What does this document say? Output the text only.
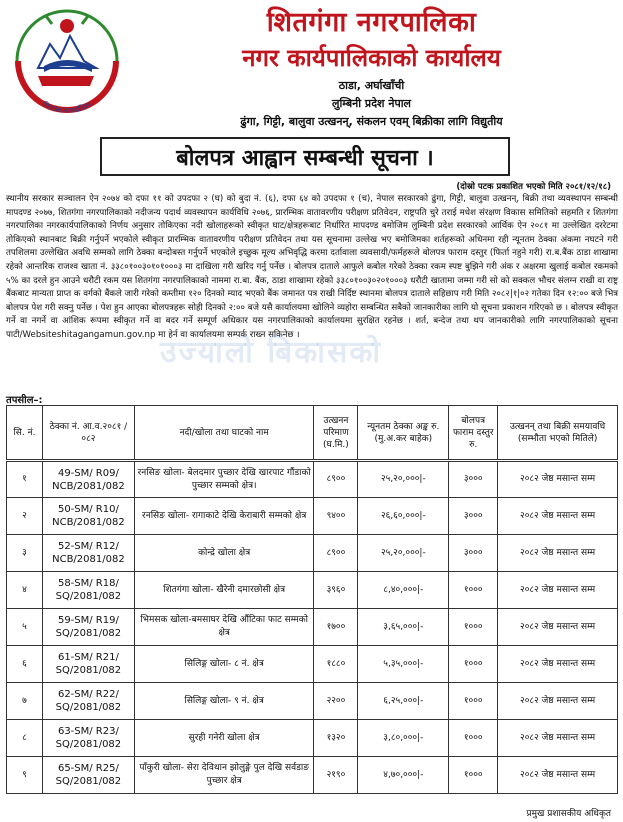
शितगंगा नगरपालिका
शितगंगा नगरपालिका
नगर कार्यपालिकाको कार्यालय
ठाडा, अर्घाखाँची
लुम्बिनी प्रदेश नेपाल
ढुंगा, गिट्टी, बालुवा उत्खनन्, संकलन एवम् बिक्रीका लागि विद्युतीय
बोलपत्र आह्वान सम्बन्धी सूचना ।
(दोस्रो पटक प्रकाशित भएको मिति २०८१/१२/१८)
स्थानीय सरकार सञ्चालन ऐन २०७४ को दफा ११ को उपदफा २ (घ) को बुदा नं. (६), दफा ६४ को उपदफा १ (च), नेपाल सरकारको ढुंगा, गिट्टी, बालुवा उत्खनन्, बिक्री तथा व्यवस्थापन सम्बन्धी मापदण्ड २०७७, शितगंगा नगरपालिकाको नदीजन्य पदार्थ व्यवस्थापन कार्यविधि २०७६, प्रारम्भिक वातावरणीय परीक्षण प्रतिवेदन, राष्ट्रपति चुरे तराई मधेश संरक्षण विकास समितिको सहमति र शितगंगा नगरपालिका नगरकार्यपालिकाको निर्णय अनुसार तोकिएका नदी खोलाहरूको स्वीकृत घाट/क्षेत्रहरूबाट निर्धारित मापदण्ड बमोजिम लुम्बिनी प्रदेश सरकारको आर्थिक ऐन २०८१ मा उल्लेखित दररेटमा तोकिएको स्थानबाट बिक्री गर्नुपर्ने भएकोले स्वीकृत प्रारम्भिक वातावरणीय परीक्षण प्रतिवेदन तथा यस सूचनामा उल्लेख भए बमोजिमका शर्तहरूको अधिनमा रही न्यूनतम ठेक्का अंकमा नघटने गरी तपशिलमा उल्लेखित अवधि सम्मको लागि ठेक्का बन्दोबस्त गर्नुपर्ने भएकोले इच्छुक मूल्य अभिवृद्धि करमा दर्तावाला व्यवसायी/फर्महरूले बोलपत्र फाराम दस्तुर (फिर्ता नहुने गरी) रा.ब.बैंक ठाडा शाखामा रहेको आन्तरिक राजश्व खाता नं. ३३८०१००३०१०१०००३ मा दाखिला गरी खरिद गर्नु पर्नेछ । बोलपत्र दाताले आफुले कबोल गरेको ठेक्का रकम स्पष्ट बुझिने गरी अंक र अक्षरमा खुलाई कबोल रकमको ५% का दरले हुन आउने धरौटी रकम यस शितगंगा नगरपालिकाको नाममा रा.बा. बैंक, ठाडा शाखामा रहेको ३३८०१००३०२०१०००३ धरौटी खातामा जम्मा गरी सो को सक्कल भौचर संलग्न राखी वा राष्ट्र बैंकबाट मान्यता प्राप्त क वर्गको बैंकले जारी गरेको कम्तीमा १२० दिनको म्याद भएको बैंक जमानत पत्र राखी निर्दिष्ट स्थानमा बोलपत्र दाताले सहिछाप गरी मिति २०८२|१|०२ गतेका दिन १२:०० बजे भित्र बोलपत्र पेश गरी सक्नु पर्नेछ । पेश हुन आएका बोलपत्रहरू सोही दिनको २:०० बजे यसै कार्यालयमा खोलिने व्यहोरा सम्बन्धित सबैको जानकारीका लागि यो सूचना प्रकाशन गरिएको छ । बोलपत्र स्वीकृत गर्ने वा नगर्ने वा आंशिक रूपमा स्वीकृत गर्ने वा बदर गर्ने सम्पूर्ण अधिकार यस नगरपालिकाको कार्यालयमा सुरक्षित रहनेछ । शर्त, बन्देज तथा थप जानकारीको लागि नगरपालिकाको सूचना पाटी/Websiteshitagangamun.gov.np मा हेर्न वा कार्यालयमा सम्पर्क राख्न सकिनेछ ।
उज्यालो बिकासको
तपसील–:
सि. नं.	ठेक्का नं. आ.व.२०८१ /०८२	नदी/खोला तथा घाटको नाम	उत्खनन परिमाण (घ.मि.)	न्यूनतम ठेक्का अङ्क रु.(मु.अ.कर बाहेक)	बोलपत्र फाराम दस्तुर रु.	उत्खनन् तथा बिक्री समयावधि (सम्भौता भएको मितिले)
१	49-SM/ R09/ NCB/2081/082	रनसिङ खोला- बेलदमार पुच्छार देखि खारपाट गौंडाको पुच्छार सम्मको क्षेत्र।	८९००	२५,२०,०००|-	३०००	२०८२ जेष्ठ मसान्त सम्म
२	50-SM/ R10/ NCB/2081/082	रनसिङ खोला- रागाकाटे देखि केराबारी सम्मको क्षेत्र	९४००	२६,६०,०००|-	३०००	२०८२ जेष्ठ मसान्त सम्म
३	52-SM/ R12/ NCB/2081/082	कोन्द्रे खोला क्षेत्र	८९००	२५,२०,०००|-	३०००	२०८२ जेष्ठ मसान्त सम्म
४	58-SM/ R18/ SQ/2081/082	शितगंगा खोला- खैरेनी दमारछोसी क्षेत्र	३९६०	८,४०,०००|-	१०००	२०८२ जेष्ठ मसान्त सम्म
५	59-SM/ R19/ SQ/2081/082	भिमसक खोला-बमसाघर देखि औंटिका फाट सम्मको क्षेत्र	१७००	३,६५,०००|-	१०००	२०८२ जेष्ठ मसान्त सम्म
६	61-SM/ R21/ SQ/2081/082	सिलिङ्ग खोला- ८ नं. क्षेत्र	१८८०	५,३५,०००|-	१०००	२०८२ जेष्ठ मसान्त सम्म
७	62-SM/ R22/ SQ/2081/082	सिलिङ्ग खोला- ९ नं. क्षेत्र	२२००	६,२५,०००|-	१०००	२०८२ जेष्ठ मसान्त सम्म
८	63-SM/ R23/ SQ/2081/082	सुरही गनेरी खोला क्षेत्र	१३२०	३,८०,०००|-	१०००	२०८२ जेष्ठ मसान्त सम्म
९	65-SM/ R25/ SQ/2081/082	पाँकुरी खोला- सेरा देविथान झोलुङ्गे पुल देखि सर्वडाङ पुच्छार क्षेत्र	२१९०	४,७०,०००|-	१०००	२०८२ जेष्ठ मसान्त सम्म
प्रमुख प्रशासकीय अधिकृत
